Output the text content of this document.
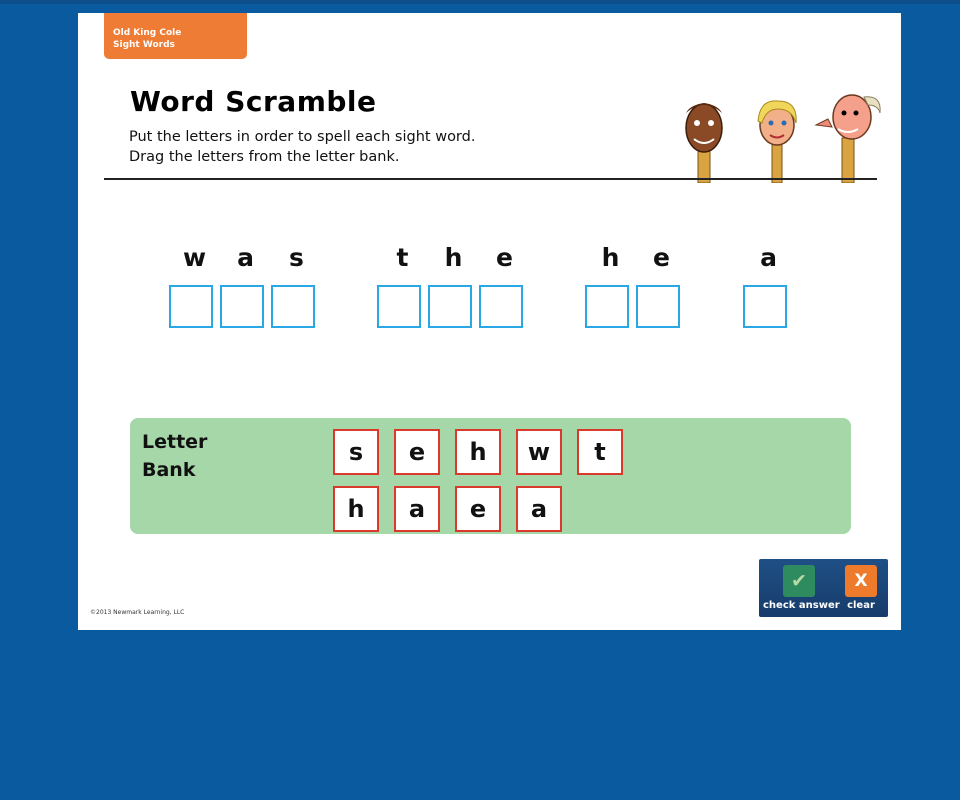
Old King Cole
Sight Words
Word Scramble
Put the letters in order to spell each sight word.
Drag the letters from the letter bank.
w	a	s	t	h	e	h	e	a
Letter
Bank
s	e	h	w	t
h	a	e	a
©2013 Newmark Learning, LLC
✔
check answer
X
clear
